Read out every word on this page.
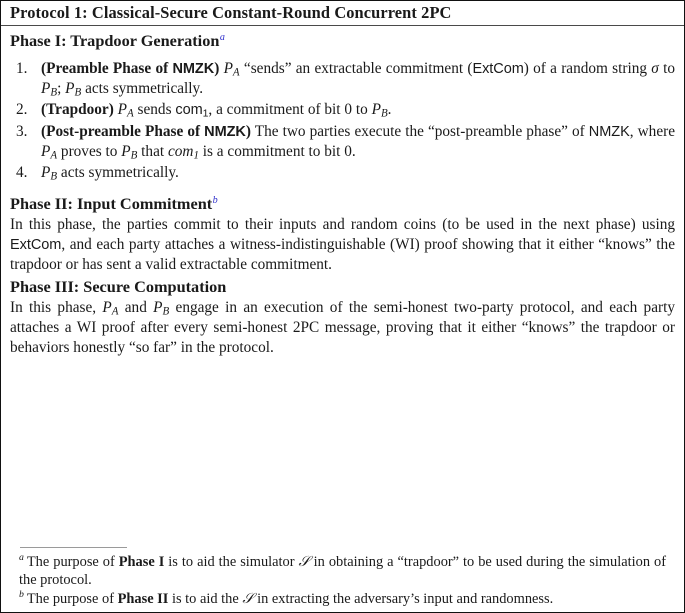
Protocol 1: Classical-Secure Constant-Round Concurrent 2PC
Phase I: Trapdoor Generation$^a$
1. (Preamble Phase of NMZK) $P_A$ “sends” an extractable commitment (ExtCom) of a random string σ to $P_B$; $P_B$ acts symmetrically.
2. (Trapdoor) $P_A$ sends com$_1$, a commitment of bit 0 to $P_B$.
3. (Post-preamble Phase of NMZK) The two parties execute the “post-preamble phase” of NMZK, where $P_A$ proves to $P_B$ that com$_1$ is a commitment to bit 0.
4. $P_B$ acts symmetrically.
Phase II: Input Commitment$^b$

In this phase, the parties commit to their inputs and random coins (to be used in the next phase) using ExtCom, and each party attaches a witness-indistinguishable (WI) proof showing that it either “knows” the trapdoor or has sent a valid extractable commitment.

Phase III: Secure Computation

In this phase, $P_A$ and $P_B$ engage in an execution of the semi-honest two-party protocol, and each party attaches a WI proof after every semi-honest 2PC message, proving that it either “knows” the trapdoor or behaviors honestly “so far” in the protocol.

$^a$ The purpose of Phase I is to aid the simulator 𝒮 in obtaining a “trapdoor” to be used during the simulation of the protocol.

$^b$ The purpose of Phase II is to aid the 𝒮 in extracting the adversary’s input and randomness.
